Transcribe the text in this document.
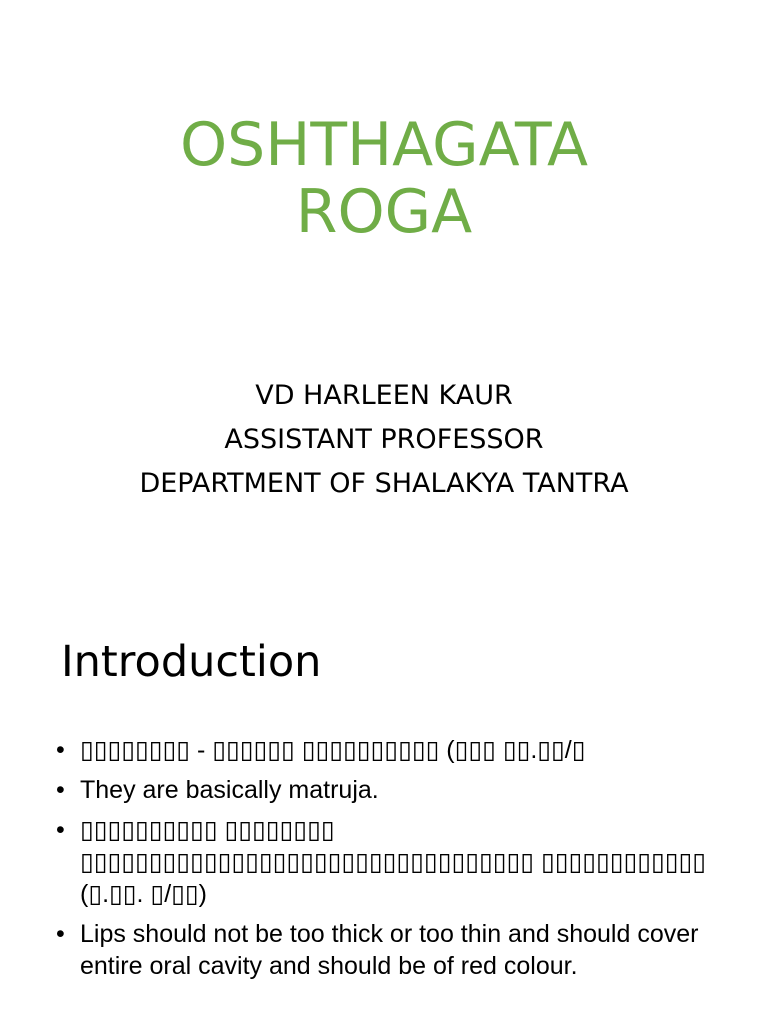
OSHTHAGATA
ROGA
VD HARLEEN KAUR
ASSISTANT PROFESSOR
DEPARTMENT OF SHALAKYA TANTRA
Introduction
• ▯▯▯▯▯▯▯▯ - ▯▯▯▯▯▯ ▯▯▯▯▯▯▯▯▯▯ (▯▯▯ ▯▯.▯▯/▯
• They are basically matruja.
• ▯▯▯▯▯▯▯▯▯▯ ▯▯▯▯▯▯▯▯ ▯▯▯▯▯▯▯▯▯▯▯▯▯▯▯▯▯▯▯▯▯▯▯▯▯▯▯▯▯▯▯▯▯ ▯▯▯▯▯▯▯▯▯▯▯▯ (▯.▯▯. ▯/▯▯)
• Lips should not be too thick or too thin and should cover entire oral cavity and should be of red colour.
